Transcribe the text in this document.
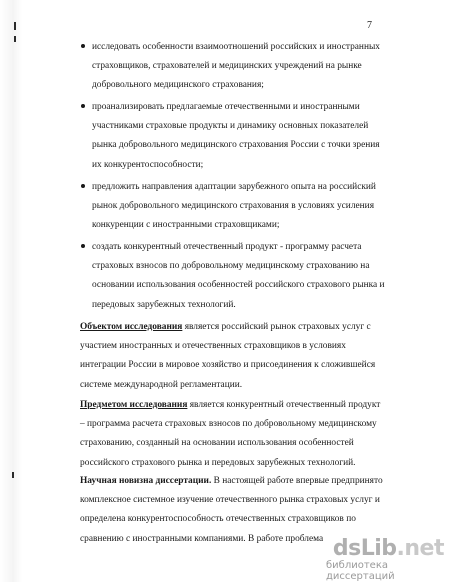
7
исследовать особенности взаимоотношений российских и иностранных страховщиков, страхователей и медицинских учреждений на рынке добровольного медицинского страхования;
проанализировать предлагаемые отечественными и иностранными участниками страховые продукты и динамику основных показателей рынка добровольного медицинского страхования России с точки зрения их конкурентоспособности;
предложить направления адаптации зарубежного опыта на российский рынок добровольного медицинского страхования в условиях усиления конкуренции с иностранными страховщиками;
создать конкурентный отечественный продукт - программу расчета страховых взносов по добровольному медицинскому страхованию на основании использования особенностей российского страхового рынка и передовых зарубежных технологий.
Объектом исследования является российский рынок страховых услуг с участием иностранных и отечественных страховщиков в условиях интеграции России в мировое хозяйство и присоединения к сложившейся системе международной регламентации.
Предметом исследования является конкурентный отечественный продукт – программа расчета страховых взносов по добровольному медицинскому страхованию, созданный на основании использования особенностей российского страхового рынка и передовых зарубежных технологий.
Научная новизна диссертации. В настоящей работе впервые предпринято комплексное системное изучение отечественного рынка страховых услуг и определена конкурентоспособность отечественных страховщиков по сравнению с иностранными компаниями. В работе проблема dsLib.net
библиотека диссертаций
